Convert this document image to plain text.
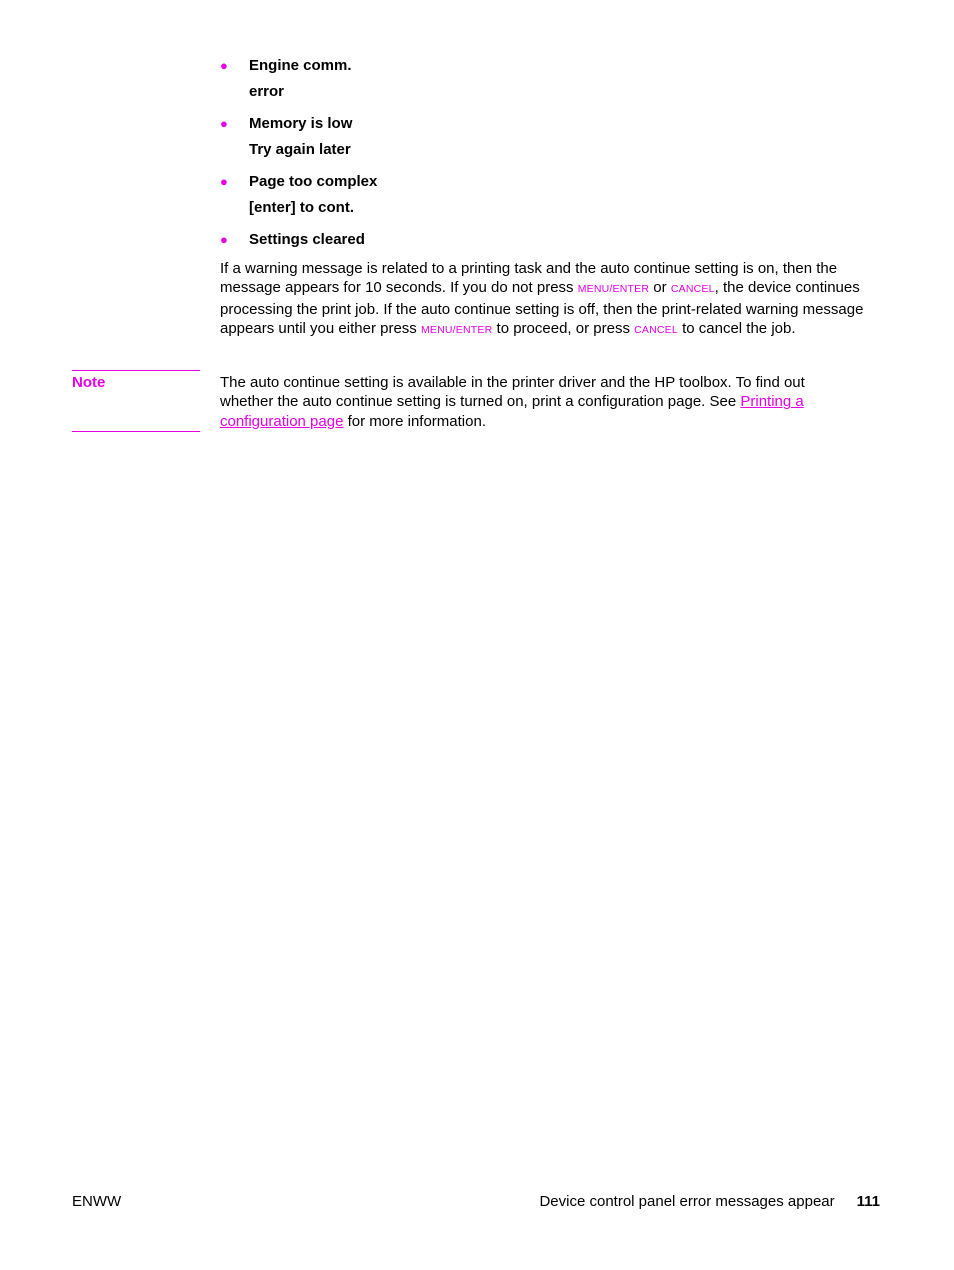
● Engine comm.
error
● Memory is low
Try again later
● Page too complex
[enter] to cont.
● Settings cleared

If a warning message is related to a printing task and the auto continue setting is on, then the message appears for 10 seconds. If you do not press MENU/ENTER or CANCEL, the device continues processing the print job. If the auto continue setting is off, then the print-related warning message appears until you either press MENU/ENTER to proceed, or press CANCEL to cancel the job.

Note	The auto continue setting is available in the printer driver and the HP toolbox. To find out whether the auto continue setting is turned on, print a configuration page. See Printing a configuration page for more information.

ENWW	Device control panel error messages appear 111
